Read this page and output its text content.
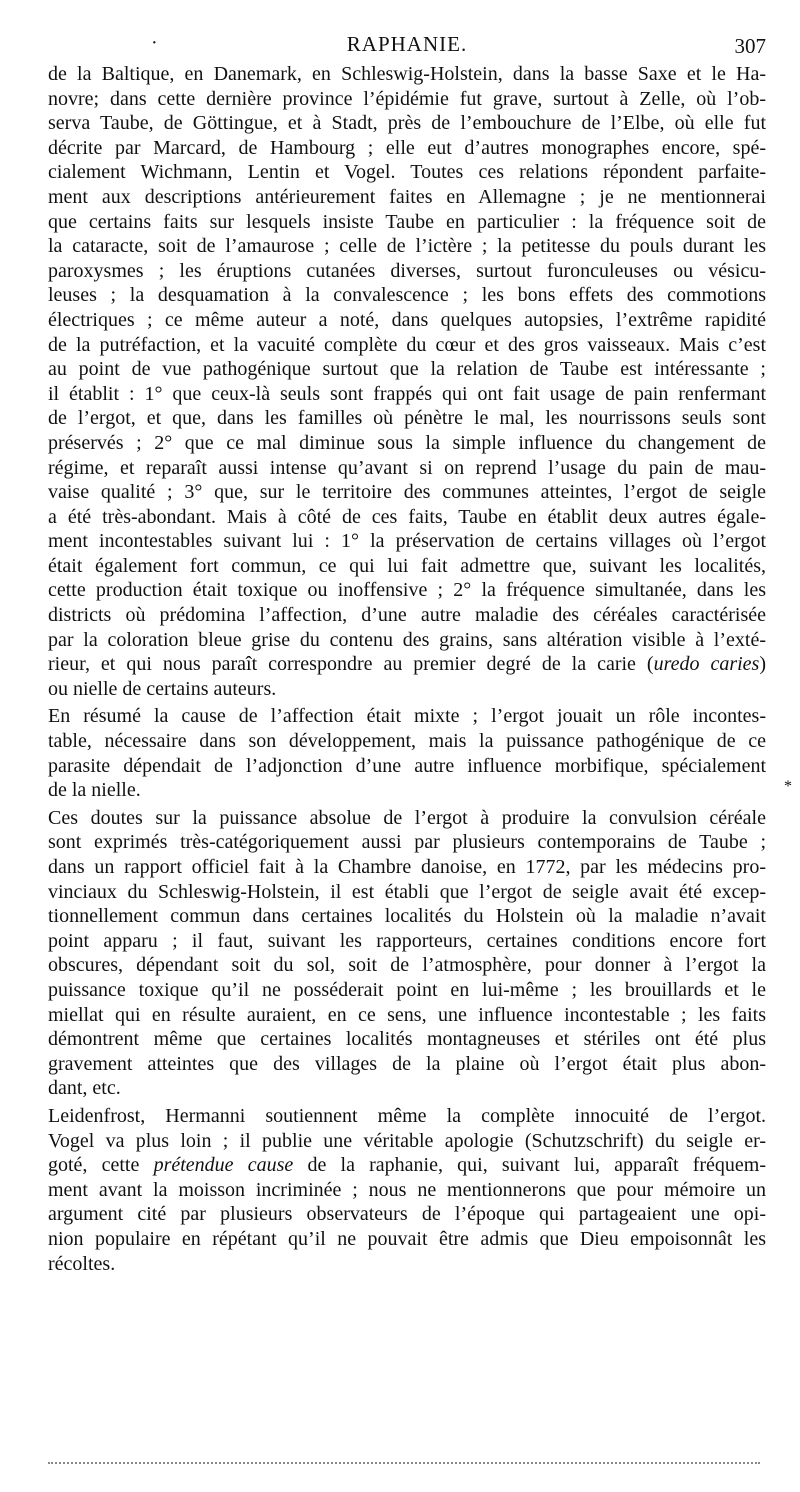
·	RAPHANIE.	307

de la Baltique, en Danemark, en Schleswig-Holstein, dans la basse Saxe et le Ha-
novre; dans cette dernière province l’épidémie fut grave, surtout à Zelle, où l’ob-
serva Taube, de Göttingue, et à Stadt, près de l’embouchure de l’Elbe, où elle fut
décrite par Marcard, de Hambourg ; elle eut d’autres monographes encore, spé-
cialement Wichmann, Lentin et Vogel. Toutes ces relations répondent parfaite-
ment aux descriptions antérieurement faites en Allemagne ; je ne mentionnerai
que certains faits sur lesquels insiste Taube en particulier : la fréquence soit de
la cataracte, soit de l’amaurose ; celle de l’ictère ; la petitesse du pouls durant les
paroxysmes ; les éruptions cutanées diverses, surtout furonculeuses ou vésicu-
leuses ; la desquamation à la convalescence ; les bons effets des commotions
électriques ; ce même auteur a noté, dans quelques autopsies, l’extrême rapidité
de la putréfaction, et la vacuité complète du cœur et des gros vaisseaux. Mais c’est
au point de vue pathogénique surtout que la relation de Taube est intéressante ;
il établit : 1° que ceux-là seuls sont frappés qui ont fait usage de pain renfermant
de l’ergot, et que, dans les familles où pénètre le mal, les nourrissons seuls sont
préservés ; 2° que ce mal diminue sous la simple influence du changement de
régime, et reparaît aussi intense qu’avant si on reprend l’usage du pain de mau-
vaise qualité ; 3° que, sur le territoire des communes atteintes, l’ergot de seigle
a été très-abondant. Mais à côté de ces faits, Taube en établit deux autres égale-
ment incontestables suivant lui : 1° la préservation de certains villages où l’ergot
était également fort commun, ce qui lui fait admettre que, suivant les localités,
cette production était toxique ou inoffensive ; 2° la fréquence simultanée, dans les
districts où prédomina l’affection, d’une autre maladie des céréales caractérisée
par la coloration bleue grise du contenu des grains, sans altération visible à l’exté-
rieur, et qui nous paraît correspondre au premier degré de la carie (uredo caries)
ou nielle de certains auteurs.

En résumé la cause de l’affection était mixte ; l’ergot jouait un rôle incontes-
table, nécessaire dans son développement, mais la puissance pathogénique de ce
parasite dépendait de l’adjonction d’une autre influence morbifique, spécialement
de la nielle.

Ces doutes sur la puissance absolue de l’ergot à produire la convulsion céréale
sont exprimés très-catégoriquement aussi par plusieurs contemporains de Taube ;
dans un rapport officiel fait à la Chambre danoise, en 1772, par les médecins pro-
vinciaux du Schleswig-Holstein, il est établi que l’ergot de seigle avait été excep-
tionnellement commun dans certaines localités du Holstein où la maladie n’avait
point apparu ; il faut, suivant les rapporteurs, certaines conditions encore fort
obscures, dépendant soit du sol, soit de l’atmosphère, pour donner à l’ergot la
puissance toxique qu’il ne posséderait point en lui-même ; les brouillards et le
miellat qui en résulte auraient, en ce sens, une influence incontestable ; les faits
démontrent même que certaines localités montagneuses et stériles ont été plus
gravement atteintes que des villages de la plaine où l’ergot était plus abon-
dant, etc.

Leidenfrost, Hermanni soutiennent même la complète innocuité de l’ergot.
Vogel va plus loin ; il publie une véritable apologie (Schutzschrift) du seigle er-
goté, cette prétendue cause de la raphanie, qui, suivant lui, apparaît fréquem-
ment avant la moisson incriminée ; nous ne mentionnerons que pour mémoire un
argument cité par plusieurs observateurs de l’époque qui partageaient une opi-
nion populaire en répétant qu’il ne pouvait être admis que Dieu empoisonnât les
récoltes.

*
